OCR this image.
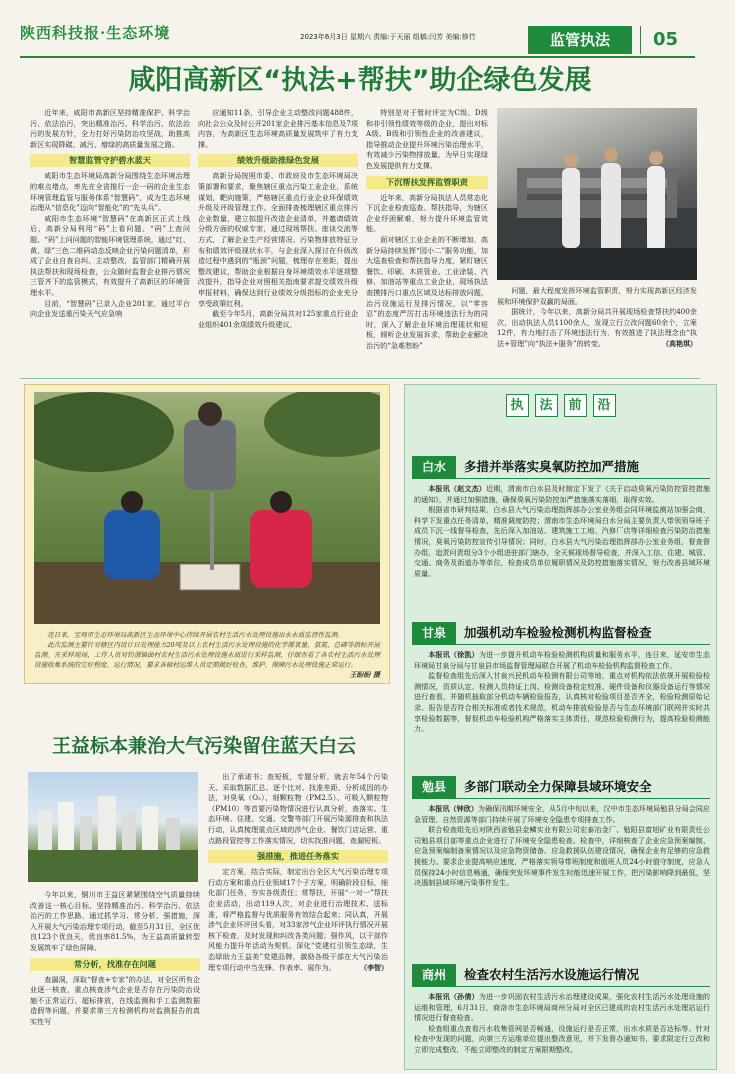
陕西科技报·生态环境	2023年6月3日 星期六 责编:于天丽 组稿:闫芳 美编:修竹	监管执法	05
咸阳高新区“执法+帮扶”助企绿色发展

近年来，咸阳市高新区坚持精准保护、科学治污、依法治污，突出精准治污、科学治污、依法治污的发展方针，全力打好污染防治攻坚战，助推高新区实现降碳、减污、增绿的高质量发展之路。

智慧监管守护碧水蓝天

咸阳市生态环境局高新分局围绕生态环境治理的难点堵点，率先在全省推行一企一码的企业生态环境管理监管与服务体系“智慧码”，成为生态环境治理从“信息化”迈向“智能化”的“先头兵”。

咸阳市生态环境“智慧码”在高新区正式上线后，高新分局利用“码”上看问题、“码”上查问题、“码”上问问题的智能环境管理系统，通过“红、黄、绿”三色二维码动态反映企业污染问题清单，形成了企业自查自纠、主动整改，监管部门精确开展执法帮扶和现场检查，公众随时监督企业排污情况三管齐下的监管模式，有效提升了高新区的环境管理水平。

目前，“智慧码”已录入企业201家，通过平台向企业发送重污染天气应急响

应通知11条，引导企业主动整改问题488件，向社会公众及时公开201家企业排污基本信息及7项内容，为高新区生态环境高质量发展筑牢了有力支撑。

绩效升级助推绿色发展

高新分局按照市委、市政府及市生态环境局决策部署和要求，聚焦辖区重点污染工业企业，系统谋划，靶向施策，严格辖区重点行业企业环保绩效升级及评级管理工作。全面排查梳理辖区重点排污企业数量，建立拟提升改造企业清单，并邀请绩效分级方面的权威专家，通过现场帮扶、座谈交流等方式，了解企业生产经营情况、污染物排放特征分布和绩效评级现状水平，与企业深入探讨在升级改造过程中遇到的“瓶颈”问题，梳理存在差距，提出整改建议，帮助企业根据自身环境绩效水平逐项整改提升，指导企业对照相关指南要求提交绩效升级申报材料，确保达到行业绩效分级指标的企业充分享受政策红利。

截至今年5月，高新分局共对125家重点行业企业组织401余项绩效升级建议，

特别是对于暂时评定为C级、D级和非引领性绩效等级的企业，提出对标A级、B级和引领性企业的改善建议，指导推动企业提升环境污染治理水平，有效减少污染物排放量，为早日实现绿色发展提供有力支撑。

下沉帮扶发挥监管职责

近年来，高新分局执法人员常态化下沉企业检查巡查、帮扶指导，为辖区企业纾困解难，努力提升环境监管效能。

面对辖区工业企业的不断增加，高新分局持续发挥“园小二”服务功能，加大巡查检查和帮扶指导力度，紧盯辖区餐饮、印刷、木质管业、工业涂装、汽修、加油站等重点工业企业，现场执法查摸排污口重点区域及达标排放问题，治污设施运行及排污情况，以“零容忍”的态度严厉打击环境违法行为的同时，深入了解企业环境治理现状和短板，倾听企业发展诉求，帮助企业解决治污的“急难愁盼”

问题，最大程度发挥环境监管职责，努力实现高新区经济发展和环境保护双赢的局面。

据统计，今年以来，高新分局共开展现场检查帮扶约400余次，出动执法人员1100余人，发现立行立改问题60余个，立案12件，有力地打击了环境违法行为，有效推进了执法理念由“执法+管理”向“执法+服务”的转变。	（高艳琪）

连日来，宝鸡市生态环境局高新区生态环境中心持续开展农村生活污水处理设施出水水质监督性监测。

此次监测主要针对辖区内设计日处理能力20吨及以上农村生活污水处理设施的化学需氧量、氨氮、总磷等指标开展监测。在采样现场，工作人员对钓渭镇曲村农村生活污水处理设施水质进行采样监测，仔细查看了各农村生活污水处理设施收集系统的完好程度、运行情况，要求各镇村运维人员定期做好检查、维护，保障污水处理设施正常运行。
王盼盼 摄

王益标本兼治大气污染留住蓝天白云

今年以来，铜川市王益区紧紧围绕空气质量持续改善这一核心目标，坚持精准治污、科学治污、依法治污的工作思路，通过抓学习、常分析、强措施，深入开展大气污染治理专项行动，截至5月31日，全区优良123个优良天，优良率81.5%，为王益高质量转型发展筑牢了绿色屏障。

常分析，找准存在问题

查漏洞，深取“督查+专家”的办法，对全区所有企业逐一核查，重点核查涉气企业是否存在污染防治设施不正常运行、超标排放，在线监测和手工监测数据造假等问题，并要求第三方检测机构对监测报告的真实性写

出了承诺书；查短板，专题分析，就去年54个污染天、采取数据汇总、逐个比对、找准差距、分析成因的办法，对臭氧（O₃）、细颗粒物（PM2.5）、可吸入颗粒物（PM10）等首要污染物情况进行认真分析，查落实。生态环境、住建、交通、交警等部门开展污染源排查和执法行动，认真梳理重点区域的涉气企业、餐饮门店运营、重点路段管控等工作落实情况，切实找准问题，查漏短板。

强措施，推进任务落实

定方案，结合实际，制定出台全区大气污染治理专项行动方案和重点行业领域17个子方案，明确阶段目标，细化部门任务，夯实各级责任；常帮扶，开展“一对一”帮扶企业活动，出动119人次，对企业进行治理技术、送标准，将严格监督与优质服务有效结合起来；同认真，开展涉气企业环评回头看，对33家涉气企业环评执行情况开展核下检查，及时发现和纠改各类问题；强作风，以干部作风能力提升年活动为契机，深化“党建红引领生态绿，生态绿助力王益美”党建品牌，激励各级干部在大气污染治理专项行动中当先锋、作表率、展作为。	（李智）

执 法 前 沿
白水	多措并举落实臭氧防控加严措施

本报讯（赵文杰）近期，渭南市白水县及时制定下发了《关于启动臭氧污染防控管控措施的通知》，并通过加强措施，确保臭氧污染防控加严措施落实落细，取得实效。

根据省市研判结果，白水县大气污染治理指挥部办公室业务组会同环境监测站加强会商，科学下发重点任务清单，精准调度防控；渭南市生态环境局白水分局主要负责人带领领导班子成员下沉一线督导检查，先后深入加油站、建筑施工工地、汽修厂店等详细检查污染防治措施情况，臭氧污染防控宣传引导情况；同时，白水县大气污染治理指挥部办公室业务组，督查督办组、追责问责组分3个小组进驻部门辖办，全天候现场督导检查，并深入工信、住建、城管、交通、商务及街道办等单位，检查成员单位履职情况及防控措施落实情况，努力改善县域环境质量。

甘泉	加强机动车检验检测机构监督检查

本报讯（徐凯）为进一步提升机动车检验检测机构质量和服务水平，连日来，延安市生态环境局甘泉分局与甘泉县市场监督管理局联合开展了机动车检验机构监督检查工作。

监督检查组先后深入甘泉兴民机动车检测有限公司等地，重点对机构依法依规开展检验检测情况，资质认定、检测人员持证上岗、检测设备检定校准、硬件设备和仪器设备运行等情况进行查看，并随机抽取部分机动车辆检验报告，认真核对检验项目是否齐全，检验检测原始记录、报告是否符合相关标准或者技术规范，机动车排放检验是否与生态环境部门联网并实时共享检验数据等，督促机动车检验机构严格落实主体责任，规范检验检测行为，提高检验检测能力。

勉县	多部门联动全力保障县域环境安全

本报讯（钟欣）为确保汛期环境安全，从5月中旬以来，汉中市生态环境局勉县分局会同应急管理、自然资源等部门持续开展了环境安全隐患专项排查工作。

联合检查组先后对陕西省勉县金鳞实业有限公司宏泰冶金厂、勉阳县富旭矿业有限责任公司勉县项目部等重点企业进行了环境安全隐患检查。检查中，详细核查了企业应急预案编制、应急预案编制备案情况以及应急物资储备、应急救援队伍建设情况，确保企业有足够的应急救援能力。要求企业提高响应速度，严格落实领导带班制度和值班人员24小时值守制度，应急人员保持24小时信息畅通，确保突发环境事件发生时能迅速开展工作，把污染影响降到最低，坚决遏制县域环境污染事件发生。

商州	检查农村生活污水设施运行情况

本报讯（孙倩）为进一步巩固农村生活污水治理建设成果，强化农村生活污水处理设施的运维和管理，6月31日，商洛市生态环境局商州分局对全区已建成的农村生活污水处理站运行情况进行督查检查。

检查组重点查看污水收集管网是否畅通，设施运行是否正常，出水水质是否达标等。针对检查中发现的问题，向第三方运维单位提出整改意见，并下发督办通知书，要求限定行立改和立即完成整改，不能立即整改的制定方案限期整改。
